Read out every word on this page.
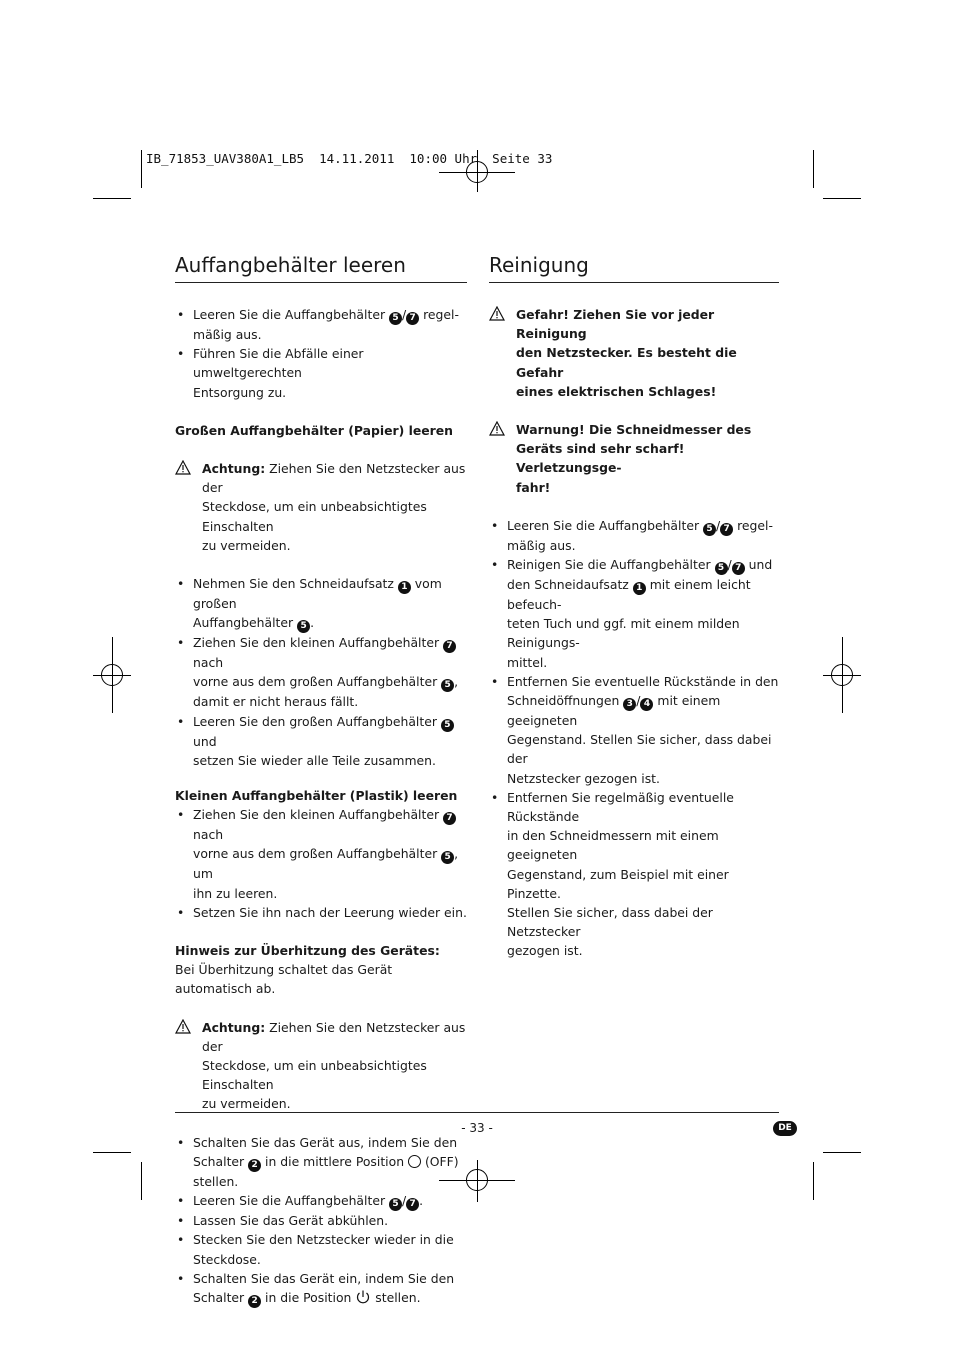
IB_71853_UAV380A1_LB5  14.11.2011  10:00 Uhr  Seite 33
Auffangbehälter leeren
• Leeren Sie die Auffangbehälter 5 / 7 regel-
mäßig aus.
• Führen Sie die Abfälle einer umweltgerechten
Entsorgung zu.
Großen Auffangbehälter (Papier) leeren
Achtung: Ziehen Sie den Netzstecker aus der
Steckdose, um ein unbeabsichtigtes Einschalten
zu vermeiden.
• Nehmen Sie den Schneidaufsatz 1 vom großen
Auffangbehälter 5 .
• Ziehen Sie den kleinen Auffangbehälter 7 nach
vorne aus dem großen Auffangbehälter 5 ,
damit er nicht heraus fällt.
• Leeren Sie den großen Auffangbehälter 5 und
setzen Sie wieder alle Teile zusammen.
Kleinen Auffangbehälter (Plastik) leeren
• Ziehen Sie den kleinen Auffangbehälter 7 nach
vorne aus dem großen Auffangbehälter 5 , um
ihn zu leeren.
• Setzen Sie ihn nach der Leerung wieder ein.
Hinweis zur Überhitzung des Gerätes:
Bei Überhitzung schaltet das Gerät automatisch ab.
Achtung: Ziehen Sie den Netzstecker aus der
Steckdose, um ein unbeabsichtigtes Einschalten
zu vermeiden.
• Schalten Sie das Gerät aus, indem Sie den
Schalter 2 in die mittlere Position  (OFF)
stellen.
• Leeren Sie die Auffangbehälter 5 / 7 .
• Lassen Sie das Gerät abkühlen.
• Stecken Sie den Netzstecker wieder in die
Steckdose.
• Schalten Sie das Gerät ein, indem Sie den
Schalter 2 in die Position  stellen.
Reinigung
Gefahr! Ziehen Sie vor jeder Reinigung
den Netzstecker. Es besteht die Gefahr
eines elektrischen Schlages!
Warnung! Die Schneidmesser des
Geräts sind sehr scharf! Verletzungsge-
fahr!
• Leeren Sie die Auffangbehälter 5 / 7 regel-
mäßig aus.
• Reinigen Sie die Auffangbehälter 5 / 7 und
den Schneidaufsatz 1 mit einem leicht befeuch-
teten Tuch und ggf. mit einem milden Reinigungs-
mittel.
• Entfernen Sie eventuelle Rückstände in den
Schneidöffnungen 3 / 4 mit einem geeigneten
Gegenstand. Stellen Sie sicher, dass dabei der
Netzstecker gezogen ist.
• Entfernen Sie regelmäßig eventuelle Rückstände
in den Schneidmessern mit einem geeigneten
Gegenstand, zum Beispiel mit einer Pinzette.
Stellen Sie sicher, dass dabei der Netzstecker
gezogen ist.
- 33 -	DE
